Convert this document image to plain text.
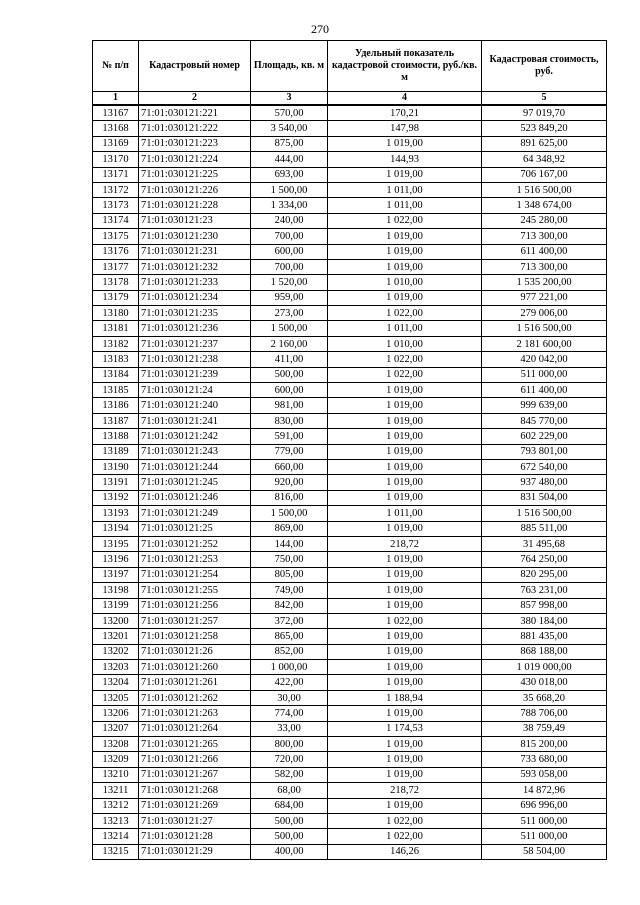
270
№ п/п	Кадастровый номер	Площадь, кв. м	Удельный показатель кадастровой стоимости, руб./кв. м	Кадастровая стоимость, руб.
1	2	3	4	5
13167	71:01:030121:221	570,00	170,21	97 019,70
13168	71:01:030121:222	3 540,00	147,98	523 849,20
13169	71:01:030121:223	875,00	1 019,00	891 625,00
13170	71:01:030121:224	444,00	144,93	64 348,92
13171	71:01:030121:225	693,00	1 019,00	706 167,00
13172	71:01:030121:226	1 500,00	1 011,00	1 516 500,00
13173	71:01:030121:228	1 334,00	1 011,00	1 348 674,00
13174	71:01:030121:23	240,00	1 022,00	245 280,00
13175	71:01:030121:230	700,00	1 019,00	713 300,00
13176	71:01:030121:231	600,00	1 019,00	611 400,00
13177	71:01:030121:232	700,00	1 019,00	713 300,00
13178	71:01:030121:233	1 520,00	1 010,00	1 535 200,00
13179	71:01:030121:234	959,00	1 019,00	977 221,00
13180	71:01:030121:235	273,00	1 022,00	279 006,00
13181	71:01:030121:236	1 500,00	1 011,00	1 516 500,00
13182	71:01:030121:237	2 160,00	1 010,00	2 181 600,00
13183	71:01:030121:238	411,00	1 022,00	420 042,00
13184	71:01:030121:239	500,00	1 022,00	511 000,00
13185	71:01:030121:24	600,00	1 019,00	611 400,00
13186	71:01:030121:240	981,00	1 019,00	999 639,00
13187	71:01:030121:241	830,00	1 019,00	845 770,00
13188	71:01:030121:242	591,00	1 019,00	602 229,00
13189	71:01:030121:243	779,00	1 019,00	793 801,00
13190	71:01:030121:244	660,00	1 019,00	672 540,00
13191	71:01:030121:245	920,00	1 019,00	937 480,00
13192	71:01:030121:246	816,00	1 019,00	831 504,00
13193	71:01:030121:249	1 500,00	1 011,00	1 516 500,00
13194	71:01:030121:25	869,00	1 019,00	885 511,00
13195	71:01:030121:252	144,00	218,72	31 495,68
13196	71:01:030121:253	750,00	1 019,00	764 250,00
13197	71:01:030121:254	805,00	1 019,00	820 295,00
13198	71:01:030121:255	749,00	1 019,00	763 231,00
13199	71:01:030121:256	842,00	1 019,00	857 998,00
13200	71:01:030121:257	372,00	1 022,00	380 184,00
13201	71:01:030121:258	865,00	1 019,00	881 435,00
13202	71:01:030121:26	852,00	1 019,00	868 188,00
13203	71:01:030121:260	1 000,00	1 019,00	1 019 000,00
13204	71:01:030121:261	422,00	1 019,00	430 018,00
13205	71:01:030121:262	30,00	1 188,94	35 668,20
13206	71:01:030121:263	774,00	1 019,00	788 706,00
13207	71:01:030121:264	33,00	1 174,53	38 759,49
13208	71:01:030121:265	800,00	1 019,00	815 200,00
13209	71:01:030121:266	720,00	1 019,00	733 680,00
13210	71:01:030121:267	582,00	1 019,00	593 058,00
13211	71:01:030121:268	68,00	218,72	14 872,96
13212	71:01:030121:269	684,00	1 019,00	696 996,00
13213	71:01:030121:27	500,00	1 022,00	511 000,00
13214	71:01:030121:28	500,00	1 022,00	511 000,00
13215	71:01:030121:29	400,00	146,26	58 504,00
